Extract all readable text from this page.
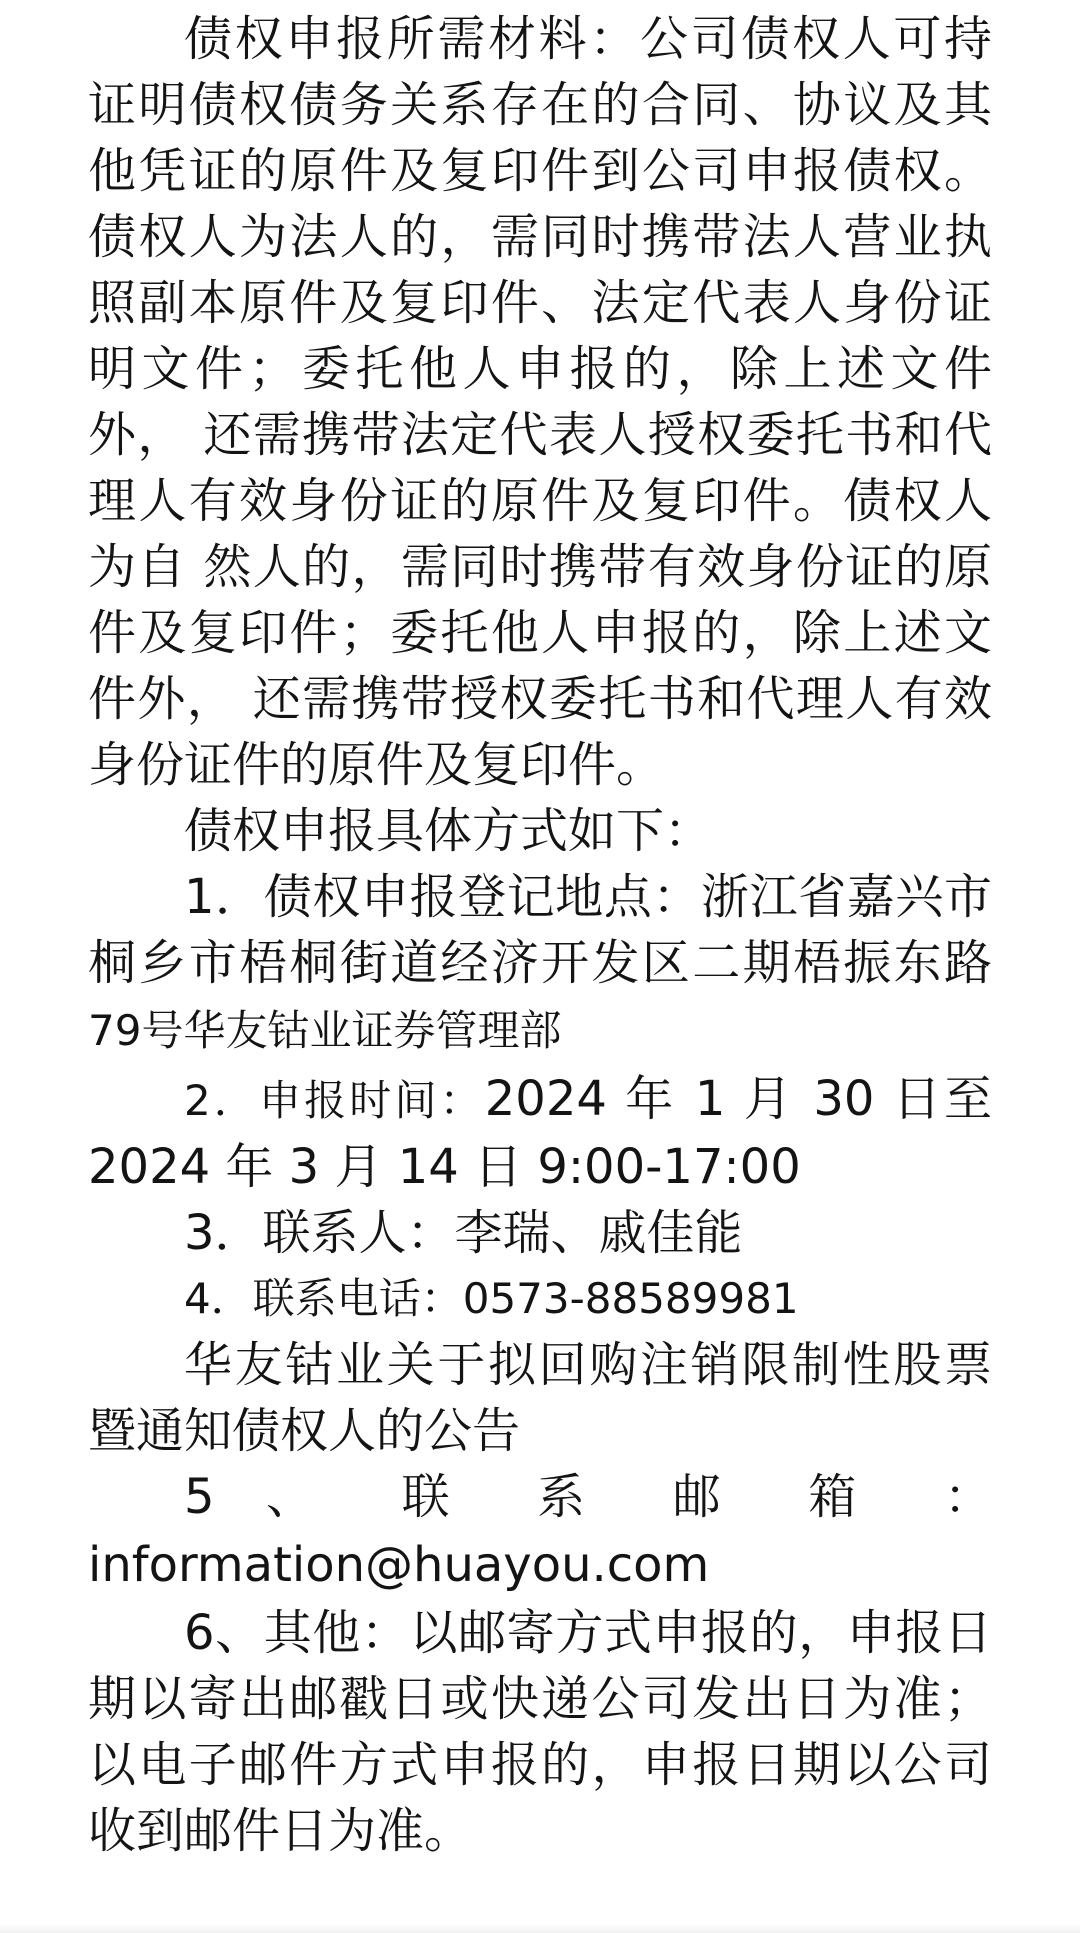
债权申报所需材料：公司债权人可持证明债权债务关系存在的合同、协议及其 他凭证的原件及复印件到公司申报债权。债权人为法人的，需同时携带法人营业执 照副本原件及复印件、法定代表人身份证明文件；委托他人申报的，除上述文件外， 还需携带法定代表人授权委托书和代理人有效身份证的原件及复印件。债权人为自 然人的，需同时携带有效身份证的原件及复印件；委托他人申报的，除上述文件外， 还需携带授权委托书和代理人有效身份证件的原件及复印件。

债权申报具体方式如下：

1．债权申报登记地点：浙江省嘉兴市桐乡市梧桐街道经济开发区二期梧振东路79号华友钴业证券管理部

2．申报时间：2024 年 1 月 30 日至 2024 年 3 月 14 日 9:00-17:00

3．联系人：李瑞、戚佳能

4．联系电话：0573-88589981

华友钴业关于拟回购注销限制性股票暨通知债权人的公告

5 、 联 系 邮 箱 ：

information@huayou.com

6、其他：以邮寄方式申报的，申报日期以寄出邮戳日或快递公司发出日为准；以电子邮件方式申报的，申报日期以公司收到邮件日为准。
